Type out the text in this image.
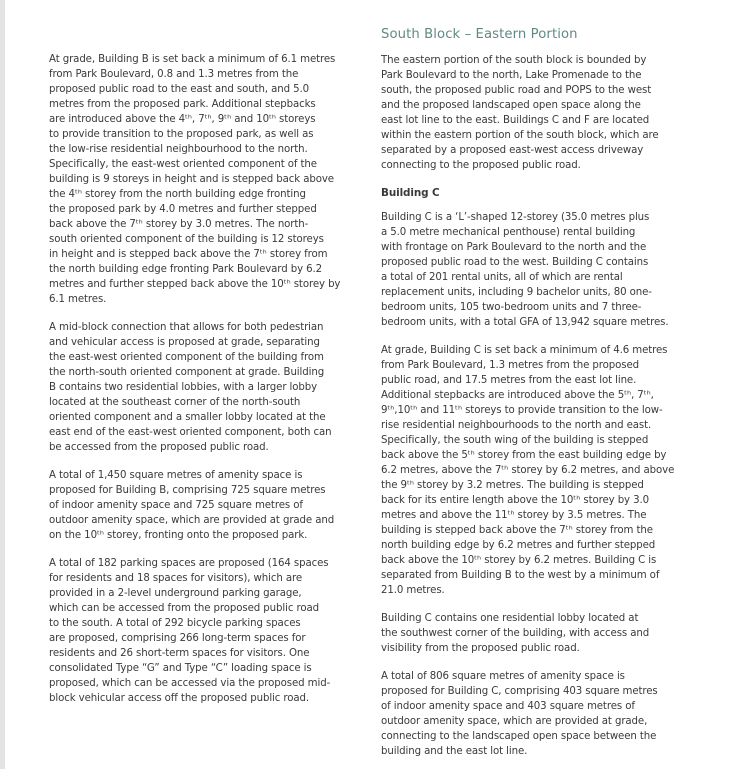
South Block – Eastern Portion

At grade, Building B is set back a minimum of 6.1 metres
from Park Boulevard, 0.8 and 1.3 metres from the
proposed public road to the east and south, and 5.0
metres from the proposed park. Additional stepbacks
are introduced above the 4ᵗʰ, 7ᵗʰ, 9ᵗʰ and 10ᵗʰ storeys
to provide transition to the proposed park, as well as
the low-rise residential neighbourhood to the north.
Specifically, the east-west oriented component of the
building is 9 storeys in height and is stepped back above
the 4ᵗʰ storey from the north building edge fronting
the proposed park by 4.0 metres and further stepped
back above the 7ᵗʰ storey by 3.0 metres. The north-
south oriented component of the building is 12 storeys
in height and is stepped back above the 7ᵗʰ storey from
the north building edge fronting Park Boulevard by 6.2
metres and further stepped back above the 10ᵗʰ storey by
6.1 metres.

A mid-block connection that allows for both pedestrian
and vehicular access is proposed at grade, separating
the east-west oriented component of the building from
the north-south oriented component at grade. Building
B contains two residential lobbies, with a larger lobby
located at the southeast corner of the north-south
oriented component and a smaller lobby located at the
east end of the east-west oriented component, both can
be accessed from the proposed public road.

A total of 1,450 square metres of amenity space is
proposed for Building B, comprising 725 square metres
of indoor amenity space and 725 square metres of
outdoor amenity space, which are provided at grade and
on the 10ᵗʰ storey, fronting onto the proposed park.

A total of 182 parking spaces are proposed (164 spaces
for residents and 18 spaces for visitors), which are
provided in a 2-level underground parking garage,
which can be accessed from the proposed public road
to the south. A total of 292 bicycle parking spaces
are proposed, comprising 266 long-term spaces for
residents and 26 short-term spaces for visitors. One
consolidated Type “G” and Type “C” loading space is
proposed, which can be accessed via the proposed mid-
block vehicular access off the proposed public road.

The eastern portion of the south block is bounded by
Park Boulevard to the north, Lake Promenade to the
south, the proposed public road and POPS to the west
and the proposed landscaped open space along the
east lot line to the east. Buildings C and F are located
within the eastern portion of the south block, which are
separated by a proposed east-west access driveway
connecting to the proposed public road.

Building C

Building C is a ‘L’-shaped 12-storey (35.0 metres plus
a 5.0 metre mechanical penthouse) rental building
with frontage on Park Boulevard to the north and the
proposed public road to the west. Building C contains
a total of 201 rental units, all of which are rental
replacement units, including 9 bachelor units, 80 one-
bedroom units, 105 two-bedroom units and 7 three-
bedroom units, with a total GFA of 13,942 square metres.

At grade, Building C is set back a minimum of 4.6 metres
from Park Boulevard, 1.3 metres from the proposed
public road, and 17.5 metres from the east lot line.
Additional stepbacks are introduced above the 5ᵗʰ, 7ᵗʰ,
9ᵗʰ,10ᵗʰ and 11ᵗʰ storeys to provide transition to the low-
rise residential neighbourhoods to the north and east.
Specifically, the south wing of the building is stepped
back above the 5ᵗʰ storey from the east building edge by
6.2 metres, above the 7ᵗʰ storey by 6.2 metres, and above
the 9ᵗʰ storey by 3.2 metres. The building is stepped
back for its entire length above the 10ᵗʰ storey by 3.0
metres and above the 11ᵗʰ storey by 3.5 metres. The
building is stepped back above the 7ᵗʰ storey from the
north building edge by 6.2 metres and further stepped
back above the 10ᵗʰ storey by 6.2 metres. Building C is
separated from Building B to the west by a minimum of
21.0 metres.

Building C contains one residential lobby located at
the southwest corner of the building, with access and
visibility from the proposed public road.

A total of 806 square metres of amenity space is
proposed for Building C, comprising 403 square metres
of indoor amenity space and 403 square metres of
outdoor amenity space, which are provided at grade,
connecting to the landscaped open space between the
building and the east lot line.
